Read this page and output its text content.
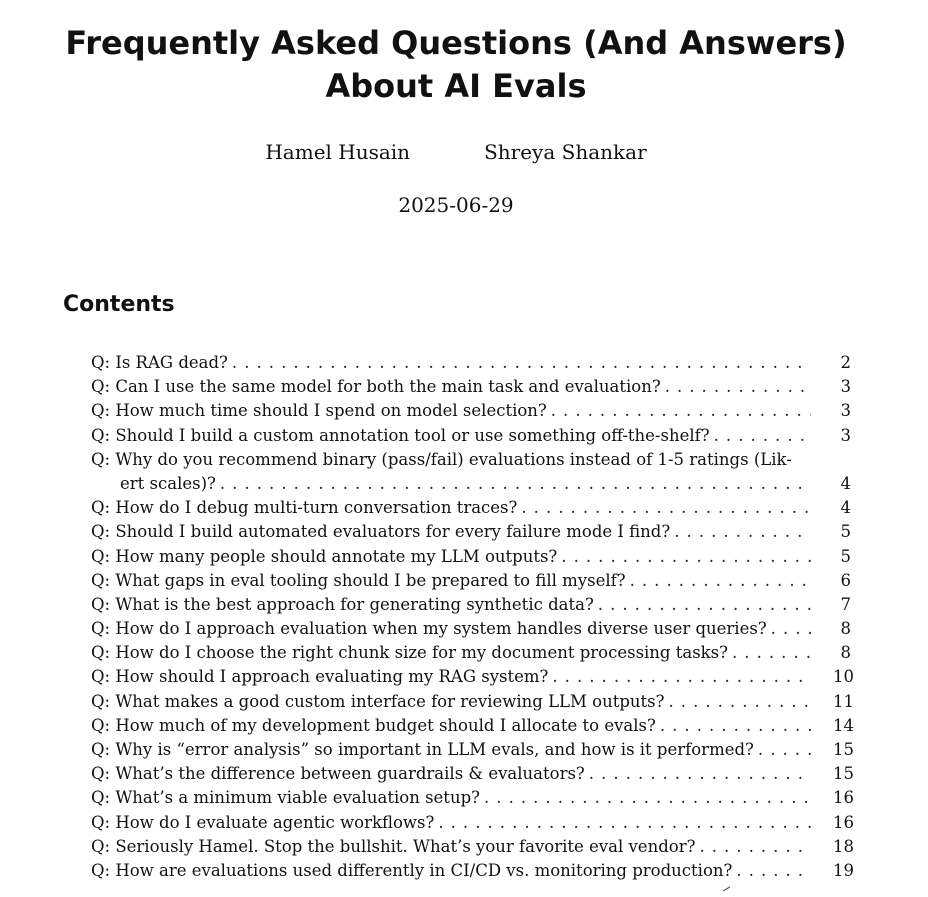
Frequently Asked Questions (And Answers)
About AI Evals
Hamel Husain	Shreya Shankar
2025-06-29
Contents
Q: Is RAG dead? . . .	2
Q: Can I use the same model for both the main task and evaluation? . . .	3
Q: How much time should I spend on model selection? . . .	3
Q: Should I build a custom annotation tool or use something off-the-shelf? . . .	3
Q: Why do you recommend binary (pass/fail) evaluations instead of 1-5 ratings (Lik-
ert scales)? . . .	4
Q: How do I debug multi-turn conversation traces? . . .	4
Q: Should I build automated evaluators for every failure mode I find? . . .	5
Q: How many people should annotate my LLM outputs? . . .	5
Q: What gaps in eval tooling should I be prepared to fill myself? . . .	6
Q: What is the best approach for generating synthetic data? . . .	7
Q: How do I approach evaluation when my system handles diverse user queries? . . .	8
Q: How do I choose the right chunk size for my document processing tasks? . . .	8
Q: How should I approach evaluating my RAG system? . . .	10
Q: What makes a good custom interface for reviewing LLM outputs? . . .	11
Q: How much of my development budget should I allocate to evals? . . .	14
Q: Why is “error analysis” so important in LLM evals, and how is it performed? . . .	15
Q: What’s the difference between guardrails & evaluators? . . .	15
Q: What’s a minimum viable evaluation setup? . . .	16
Q: How do I evaluate agentic workflows? . . .	16
Q: Seriously Hamel. Stop the bullshit. What’s your favorite eval vendor? . . .	18
Q: How are evaluations used differently in CI/CD vs. monitoring production? . . .	19
